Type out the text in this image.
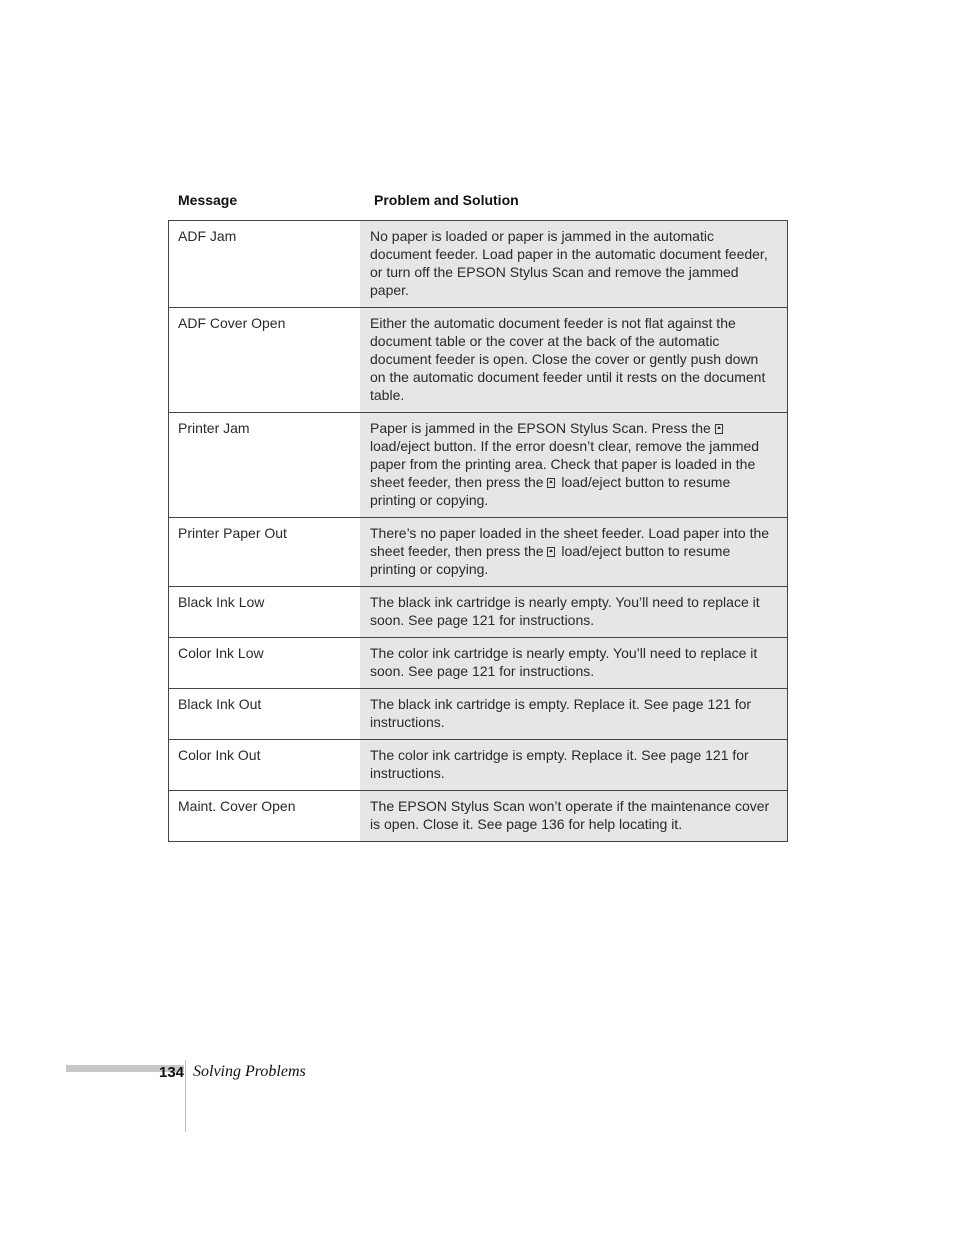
Message	Problem and Solution
ADF Jam	No paper is loaded or paper is jammed in the automatic document feeder. Load paper in the automatic document feeder, or turn off the EPSON Stylus Scan and remove the jammed paper.
ADF Cover Open	Either the automatic document feeder is not flat against the document table or the cover at the back of the automatic document feeder is open. Close the cover or gently push down on the automatic document feeder until it rests on the document table.
Printer Jam	Paper is jammed in the EPSON Stylus Scan. Press the  load/eject button. If the error doesn’t clear, remove the jammed paper from the printing area. Check that paper is loaded in the sheet feeder, then press the  load/eject button to resume printing or copying.
Printer Paper Out	There’s no paper loaded in the sheet feeder. Load paper into the sheet feeder, then press the  load/eject button to resume printing or copying.
Black Ink Low	The black ink cartridge is nearly empty. You’ll need to replace it soon. See page 121 for instructions.
Color Ink Low	The color ink cartridge is nearly empty. You’ll need to replace it soon. See page 121 for instructions.
Black Ink Out	The black ink cartridge is empty. Replace it. See page 121 for instructions.
Color Ink Out	The color ink cartridge is empty. Replace it. See page 121 for instructions.
Maint. Cover Open	The EPSON Stylus Scan won’t operate if the maintenance cover is open. Close it. See page 136 for help locating it.
134 Solving Problems
